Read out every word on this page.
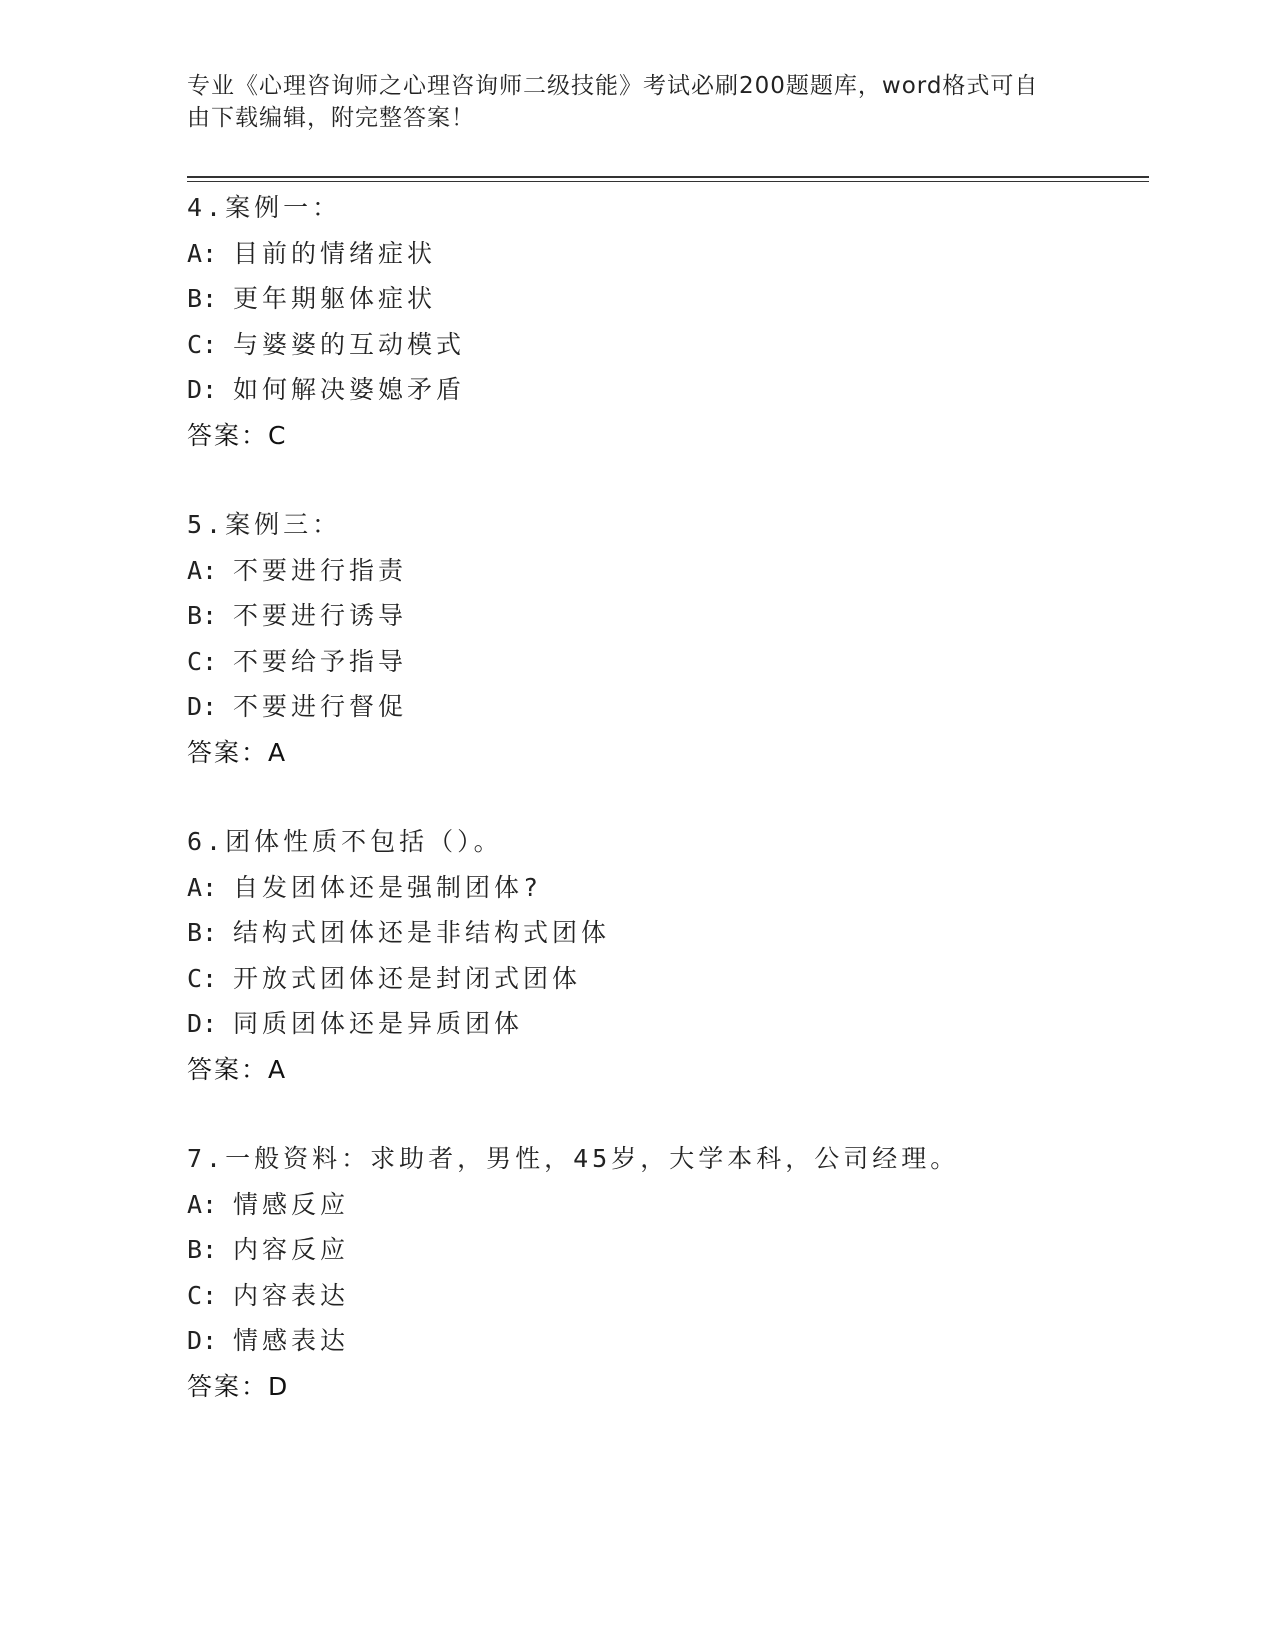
专业《心理咨询师之心理咨询师二级技能》考试必刷200题题库，word格式可自
由下载编辑，附完整答案！
4.案例一：
A: 目前的情绪症状
B: 更年期躯体症状
C: 与婆婆的互动模式
D: 如何解决婆媳矛盾
答案：C
5.案例三：
A: 不要进行指责
B: 不要进行诱导
C: 不要给予指导
D: 不要进行督促
答案：A
6.团体性质不包括（）。
A: 自发团体还是强制团体?
B: 结构式团体还是非结构式团体
C: 开放式团体还是封闭式团体
D: 同质团体还是异质团体
答案：A
7.一般资料：求助者，男性，45岁，大学本科，公司经理。
A: 情感反应
B: 内容反应
C: 内容表达
D: 情感表达
答案：D
